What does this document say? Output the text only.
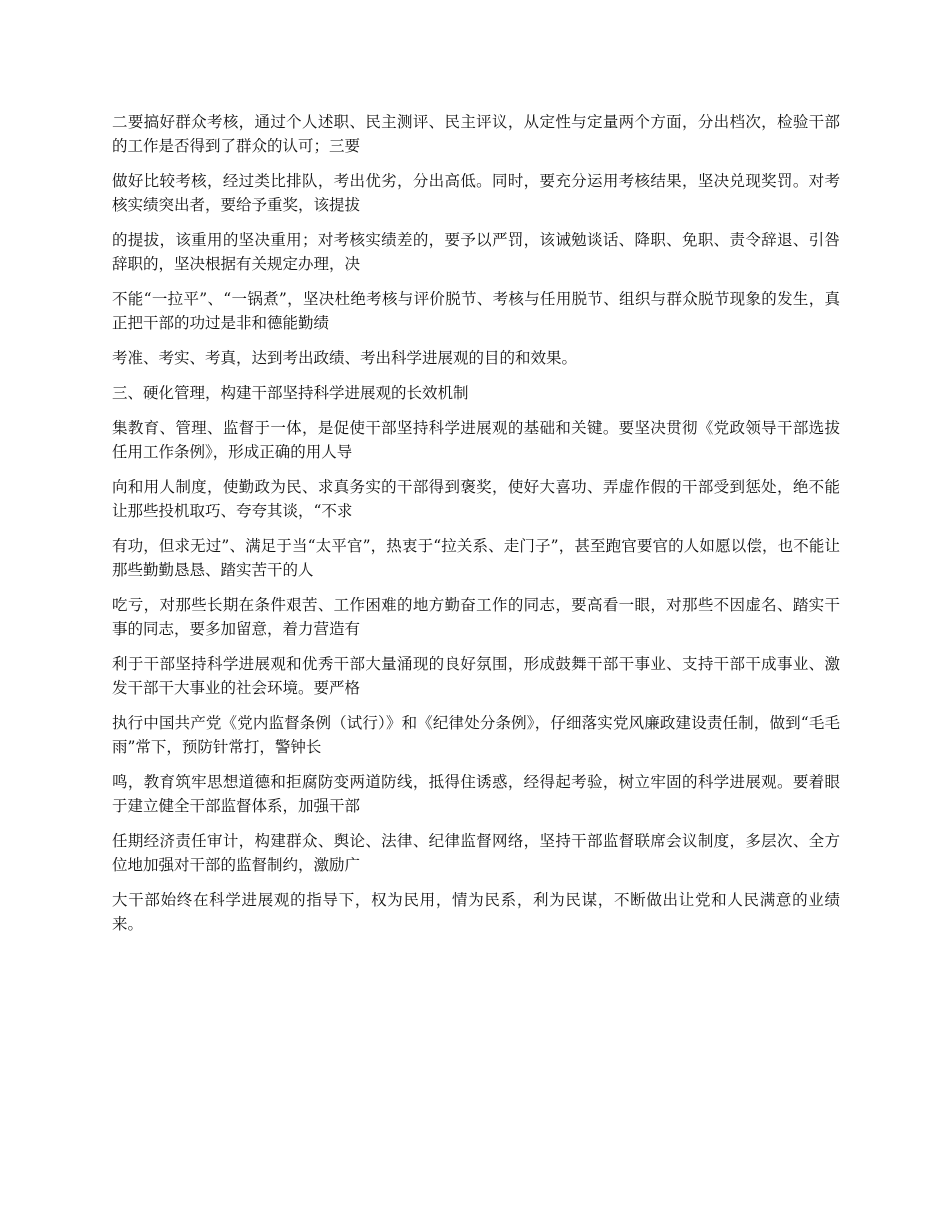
二要搞好群众考核，通过个人述职、民主测评、民主评议，从定性与定量两个方面，分出档次，检验干部的工作是否得到了群众的认可；三要

做好比较考核，经过类比排队，考出优劣，分出高低。同时，要充分运用考核结果，坚决兑现奖罚。对考核实绩突出者，要给予重奖，该提拔

的提拔，该重用的坚决重用；对考核实绩差的，要予以严罚，该诫勉谈话、降职、免职、责令辞退、引咎辞职的，坚决根据有关规定办理，决

不能“一拉平”、“一锅煮”，坚决杜绝考核与评价脱节、考核与任用脱节、组织与群众脱节现象的发生，真正把干部的功过是非和德能勤绩

考准、考实、考真，达到考出政绩、考出科学进展观的目的和效果。

三、硬化管理，构建干部坚持科学进展观的长效机制

集教育、管理、监督于一体，是促使干部坚持科学进展观的基础和关键。要坚决贯彻《党政领导干部选拔任用工作条例》，形成正确的用人导

向和用人制度，使勤政为民、求真务实的干部得到褒奖，使好大喜功、弄虚作假的干部受到惩处，绝不能让那些投机取巧、夸夸其谈，“不求

有功，但求无过”、满足于当“太平官”，热衷于“拉关系、走门子”，甚至跑官要官的人如愿以偿，也不能让那些勤勤恳恳、踏实苦干的人

吃亏，对那些长期在条件艰苦、工作困难的地方勤奋工作的同志，要高看一眼，对那些不因虚名、踏实干事的同志，要多加留意，着力营造有

利于干部坚持科学进展观和优秀干部大量涌现的良好氛围，形成鼓舞干部干事业、支持干部干成事业、激发干部干大事业的社会环境。要严格

执行中国共产党《党内监督条例（试行）》和《纪律处分条例》，仔细落实党风廉政建设责任制，做到“毛毛雨”常下，预防针常打，警钟长

鸣，教育筑牢思想道德和拒腐防变两道防线，抵得住诱惑，经得起考验，树立牢固的科学进展观。要着眼于建立健全干部监督体系，加强干部

任期经济责任审计，构建群众、舆论、法律、纪律监督网络，坚持干部监督联席会议制度，多层次、全方位地加强对干部的监督制约，激励广

大干部始终在科学进展观的指导下，权为民用，情为民系，利为民谋，不断做出让党和人民满意的业绩来。
